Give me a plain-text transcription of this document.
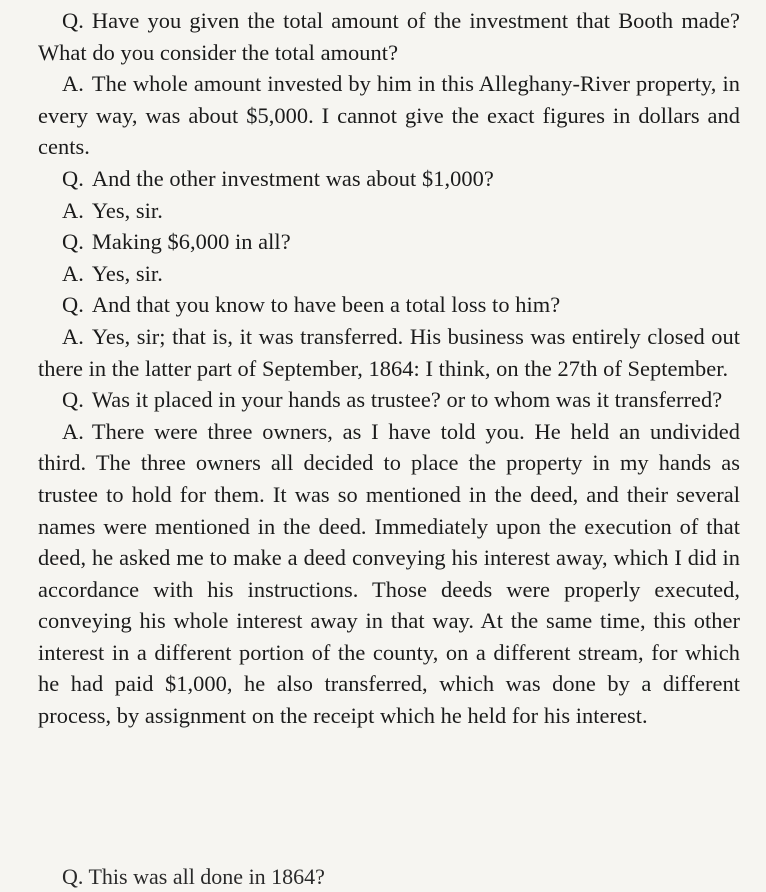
Q. Have you given the total amount of the investment that Booth made? What do you consider the total amount?

A. The whole amount invested by him in this Alleghany-River property, in every way, was about $5,000. I cannot give the exact figures in dollars and cents.

Q. And the other investment was about $1,000?

A. Yes, sir.

Q. Making $6,000 in all?

A. Yes, sir.

Q. And that you know to have been a total loss to him?

A. Yes, sir; that is, it was transferred. His business was entirely closed out there in the latter part of September, 1864: I think, on the 27th of September.

Q. Was it placed in your hands as trustee? or to whom was it transferred?

A. There were three owners, as I have told you. He held an undivided third. The three owners all decided to place the property in my hands as trustee to hold for them. It was so mentioned in the deed, and their several names were mentioned in the deed. Immediately upon the execution of that deed, he asked me to make a deed conveying his interest away, which I did in accordance with his instructions. Those deeds were properly executed, conveying his whole interest away in that way. At the same time, this other interest in a different portion of the county, on a different stream, for which he had paid $1,000, he also transferred, which was done by a different process, by assignment on the receipt which he held for his interest.

Q. This was all done in 1864?
